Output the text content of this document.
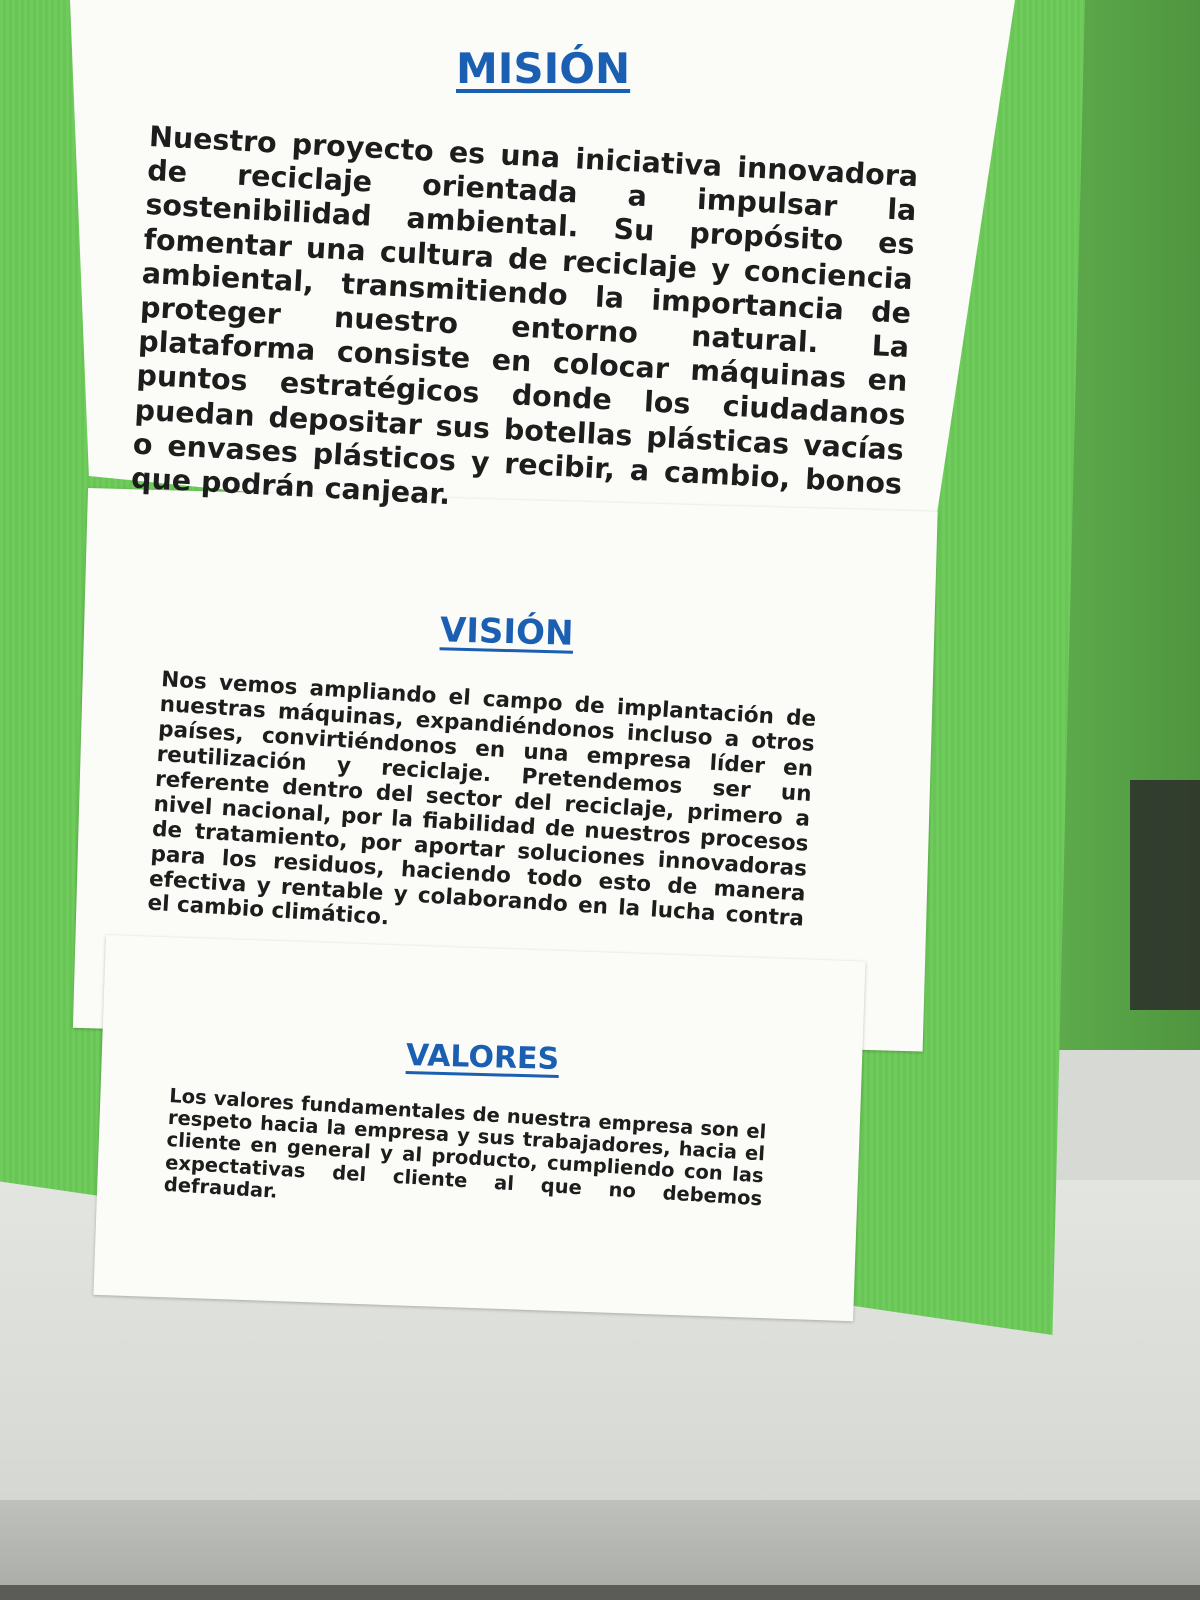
MISIÓN
Nuestro proyecto es una iniciativa innovadora de reciclaje orientada a impulsar la sostenibilidad ambiental. Su propósito es fomentar una cultura de reciclaje y conciencia ambiental, transmitiendo la importancia de proteger nuestro entorno natural. La plataforma consiste en colocar máquinas en puntos estratégicos donde los ciudadanos puedan depositar sus botellas plásticas vacías o envases plásticos y recibir, a cambio, bonos que podrán canjear.
VISIÓN
Nos vemos ampliando el campo de implantación de nuestras máquinas, expandiéndonos incluso a otros países, convirtiéndonos en una empresa líder en reutilización y reciclaje. Pretendemos ser un referente dentro del sector del reciclaje, primero a nivel nacional, por la fiabilidad de nuestros procesos de tratamiento, por aportar soluciones innovadoras para los residuos, haciendo todo esto de manera efectiva y rentable y colaborando en la lucha contra el cambio climático.
VALORES
Los valores fundamentales de nuestra empresa son el respeto hacia la empresa y sus trabajadores, hacia el cliente en general y al producto, cumpliendo con las expectativas del cliente al que no debemos defraudar.
